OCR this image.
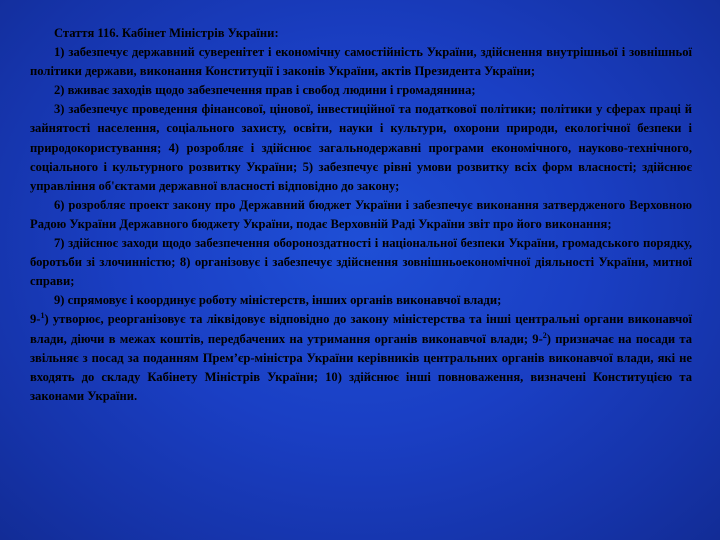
Стаття 116. Кабінет Міністрів України:

1) забезпечує державний суверенітет і економічну самостійність України, здійснення внутрішньої і зовнішньої політики держави, виконання Конституції і законів України, актів Президента України;

2) вживає заходів щодо забезпечення прав і свобод людини і громадянина;

3) забезпечує проведення фінансової, цінової, інвестиційної та податкової політики; політики у сферах праці й зайнятості населення, соціального захисту, освіти, науки і культури, охорони природи, екологічної безпеки і природокористування; 4) розробляє і здійснює загальнодержавні програми економічного, науково-технічного, соціального і культурного розвитку України; 5) забезпечує рівні умови розвитку всіх форм власності; здійснює управління об'єктами державної власності відповідно до закону;

6) розробляє проект закону про Державний бюджет України і забезпечує виконання затвердженого Верховною Радою України Державного бюджету України, подає Верховній Раді України звіт про його виконання;

7) здійснює заходи щодо забезпечення обороноздатності і національної безпеки України, громадського порядку, боротьби зі злочинністю; 8) організовує і забезпечує здійснення зовнішньоекономічної діяльності України, митної справи;

9) спрямовує і координує роботу міністерств, інших органів виконавчої влади;

9-$^1$) утворює, реорганізовує та ліквідовує відповідно до закону міністерства та інші центральні органи виконавчої влади, діючи в межах коштів, передбачених на утримання органів виконавчої влади; 9-$^2$) призначає на посади та звільняє з посад за поданням Прем’єр-міністра України керівників центральних органів виконавчої влади, які не входять до складу Кабінету Міністрів України; 10) здійснює інші повноваження, визначені Конституцією та законами України.
